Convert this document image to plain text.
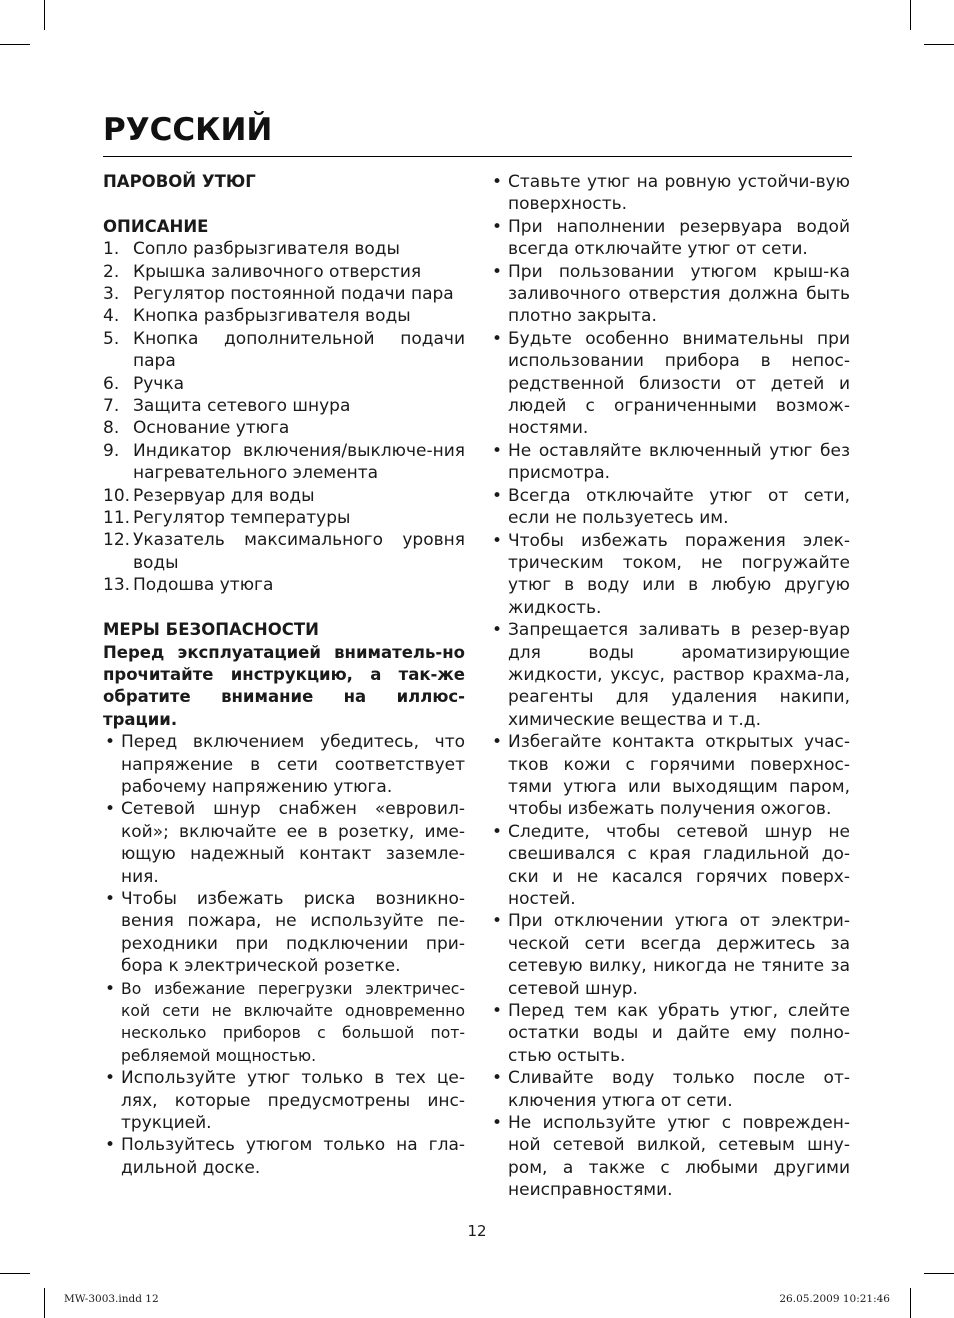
РУССКИЙ
ПАРОВОЙ УТЮГ
ОПИСАНИЕ
1. Сопло разбрызгивателя воды
2. Крышка заливочного отверстия
3. Регулятор постоянной подачи пара
4. Кнопка разбрызгивателя воды
5. Кнопка дополнительной подачи пара
6. Ручка
7. Защита сетевого шнура
8. Основание утюга
9. Индикатор включения/выключе-ния нагревательного элемента
10. Резервуар для воды
11. Регулятор температуры
12. Указатель максимального уровня воды
13. Подошва утюга
МЕРЫ БЕЗОПАСНОСТИ
Перед эксплуатацией вниматель-но прочитайте инструкцию, а так-же обратите внимание на иллюс-трации.
• Перед включением убедитесь, что напряжение в сети соответствует рабочему напряжению утюга.
• Сетевой шнур снабжен «евровил-кой»; включайте ее в розетку, име-ющую надежный контакт заземле-ния.
• Чтобы избежать риска возникно-вения пожара, не используйте пе-реходники при подключении при-бора к электрической розетке.
• Во избежание перегрузки электричес-кой сети не включайте одновременно несколько приборов с большой пот-ребляемой мощностью.
• Используйте утюг только в тех це-лях, которые предусмотрены инс-трукцией.
• Пользуйтесь утюгом только на гла-дильной доске.
• Ставьте утюг на ровную устойчи-вую поверхность.
• При наполнении резервуара водой всегда отключайте утюг от сети.
• При пользовании утюгом крыш-ка заливочного отверстия должна быть плотно закрыта.
• Будьте особенно внимательны при использовании прибора в непос-редственной близости от детей и людей с ограниченными возмож-ностями.
• Не оставляйте включенный утюг без присмотра.
• Всегда отключайте утюг от сети, если не пользуетесь им.
• Чтобы избежать поражения элек-трическим током, не погружайте утюг в воду или в любую другую жидкость.
• Запрещается заливать в резер-вуар для воды ароматизирующие жидкости, уксус, раствор крахма-ла, реагенты для удаления накипи, химические вещества и т.д.
• Избегайте контакта открытых учас-тков кожи с горячими поверхнос-тями утюга или выходящим паром, чтобы избежать получения ожогов.
• Следите, чтобы сетевой шнур не свешивался с края гладильной до-ски и не касался горячих поверх-ностей.
• При отключении утюга от электри-ческой сети всегда держитесь за сетевую вилку, никогда не тяните за сетевой шнур.
• Перед тем как убрать утюг, слейте остатки воды и дайте ему полно-стью остыть.
• Сливайте воду только после от-ключения утюга от сети.
• Не используйте утюг с поврежден-ной сетевой вилкой, сетевым шну-ром, а также с любыми другими неисправностями.
12
MW-3003.indd 12	26.05.2009 10:21:46
